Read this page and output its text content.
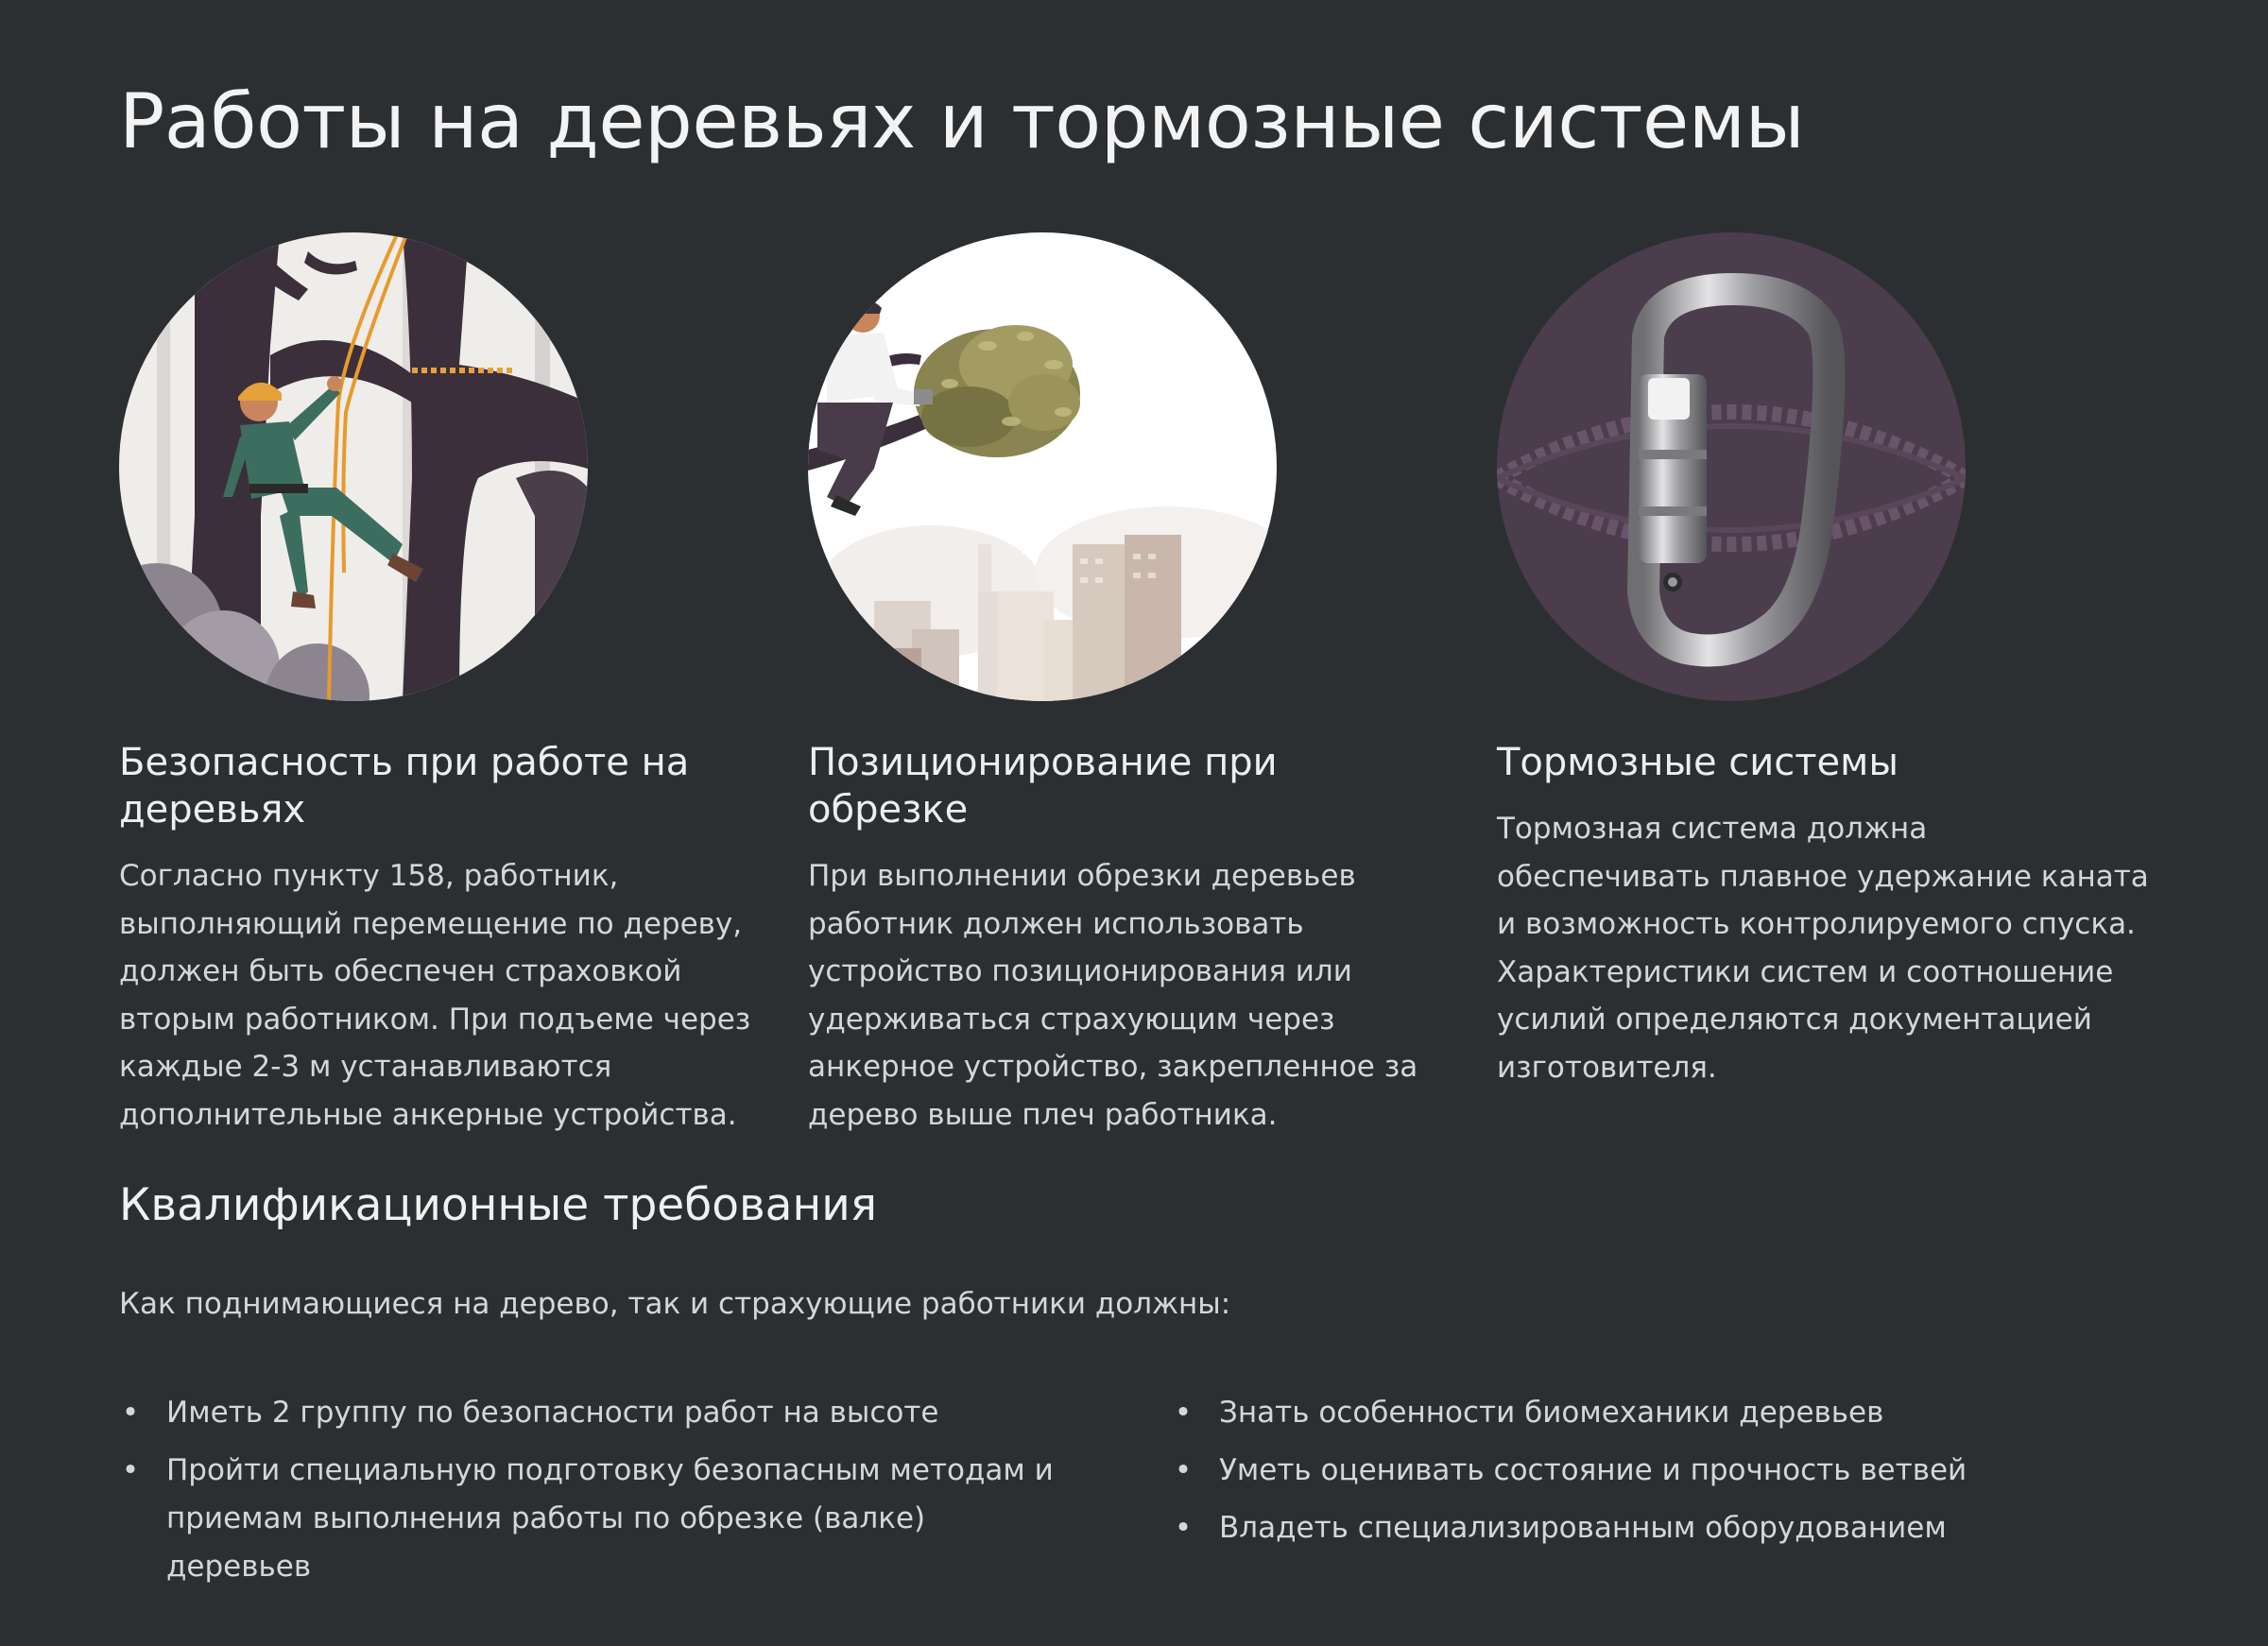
Работы на деревьях и тормозные системы
Безопасность при работе на деревьях

Согласно пункту 158, работник, выполняющий перемещение по дереву, должен быть обеспечен страховкой вторым работником. При подъеме через каждые 2-3 м устанавливаются дополнительные анкерные устройства.

Позиционирование при обрезке

При выполнении обрезки деревьев работник должен использовать устройство позиционирования или удерживаться страхующим через анкерное устройство, закрепленное за дерево выше плеч работника.

Тормозные системы

Тормозная система должна обеспечивать плавное удержание каната и возможность контролируемого спуска. Характеристики систем и соотношение усилий определяются документацией изготовителя.

Квалификационные требования

Как поднимающиеся на дерево, так и страхующие работники должны:

• Иметь 2 группу по безопасности работ на высоте
• Пройти специальную подготовку безопасным методам и приемам выполнения работы по обрезке (валке) деревьев
• Знать особенности биомеханики деревьев
• Уметь оценивать состояние и прочность ветвей
• Владеть специализированным оборудованием
